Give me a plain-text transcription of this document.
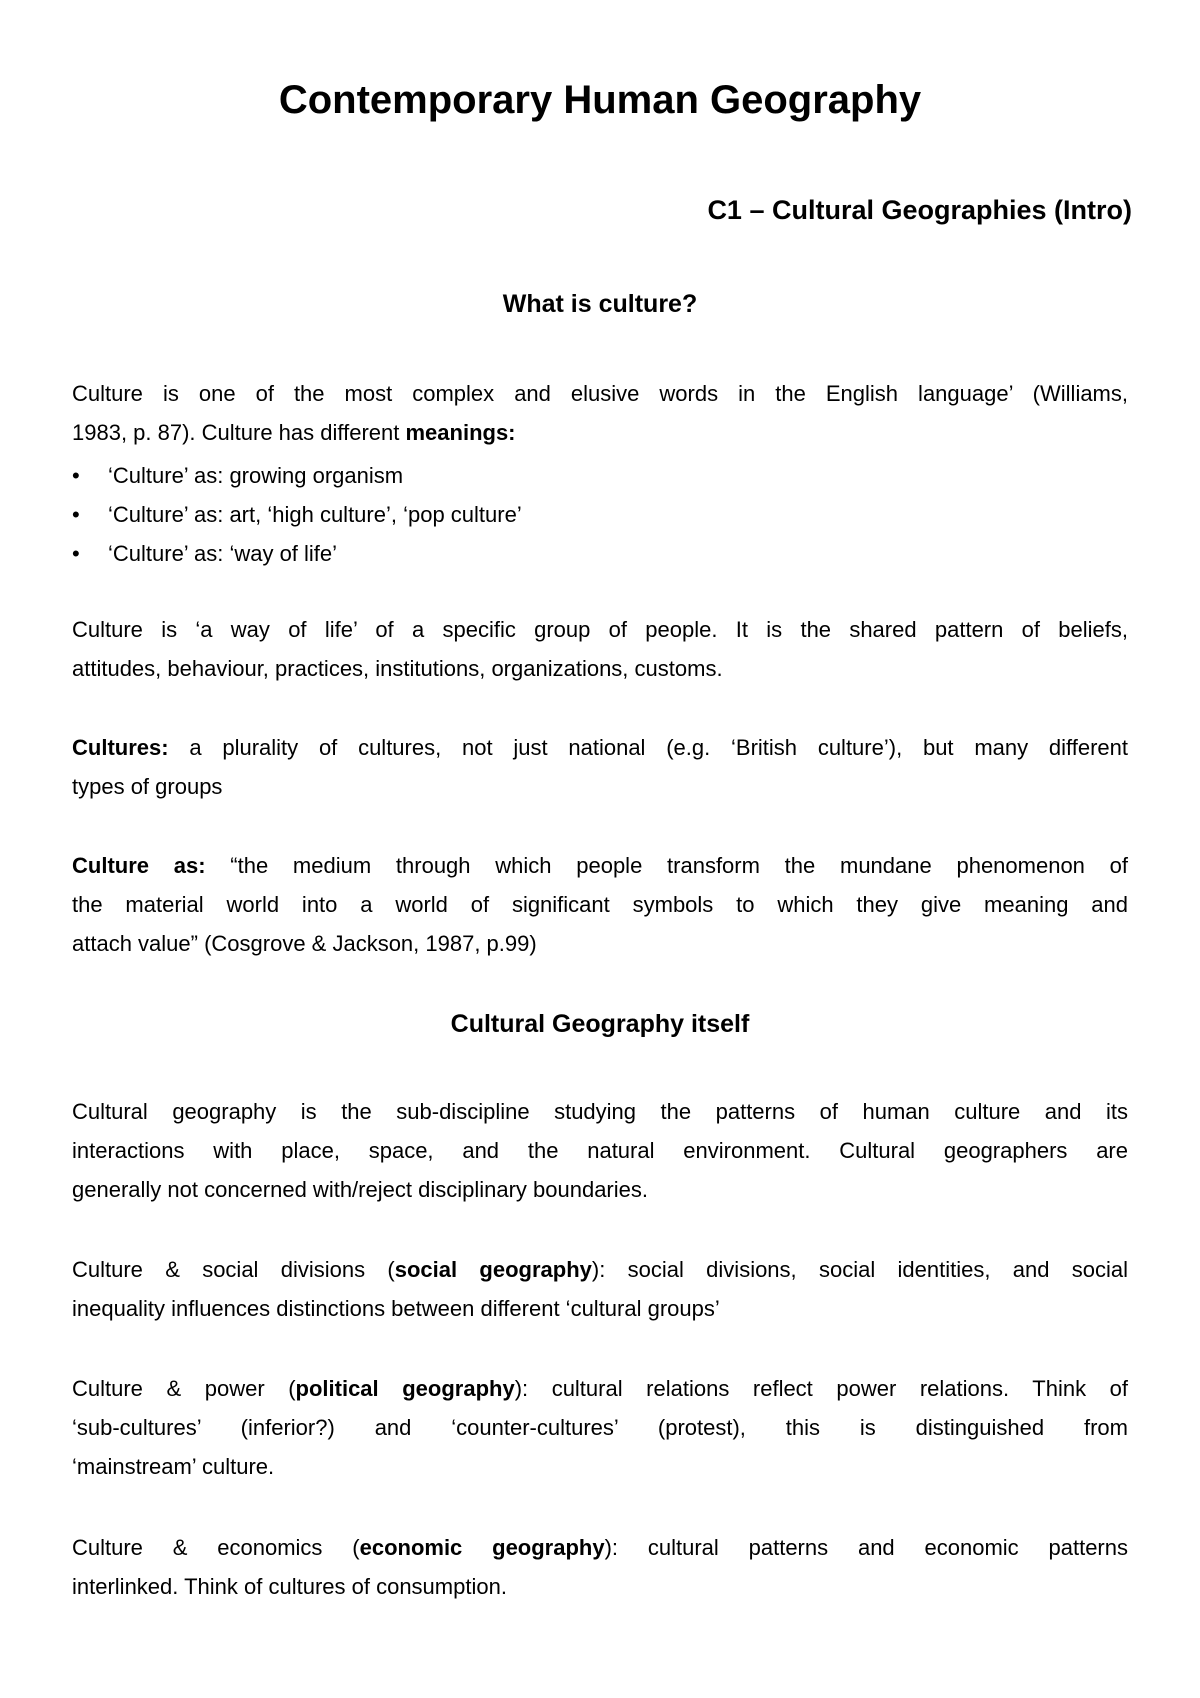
Contemporary Human Geography
C1 – Cultural Geographies (Intro)
What is culture?

Culture is one of the most complex and elusive words in the English language’ (Williams,
1983, p. 87). Culture has different meanings:

• ‘Culture’ as: growing organism
• ‘Culture’ as: art, ‘high culture’, ‘pop culture’
• ‘Culture’ as: ‘way of life’

Culture is ‘a way of life’ of a specific group of people. It is the shared pattern of beliefs,
attitudes, behaviour, practices, institutions, organizations, customs.

Cultures: a plurality of cultures, not just national (e.g. ‘British culture’), but many different
types of groups

Culture as: “the medium through which people transform the mundane phenomenon of
the material world into a world of significant symbols to which they give meaning and
attach value” (Cosgrove & Jackson, 1987, p.99)

Cultural Geography itself

Cultural geography is the sub-discipline studying the patterns of human culture and its
interactions with place, space, and the natural environment. Cultural geographers are
generally not concerned with/reject disciplinary boundaries.

Culture & social divisions (social geography): social divisions, social identities, and social
inequality influences distinctions between different ‘cultural groups’

Culture & power (political geography): cultural relations reflect power relations. Think of
‘sub-cultures’ (inferior?) and ‘counter-cultures’ (protest), this is distinguished from
‘mainstream’ culture.

Culture & economics (economic geography): cultural patterns and economic patterns
interlinked. Think of cultures of consumption.
